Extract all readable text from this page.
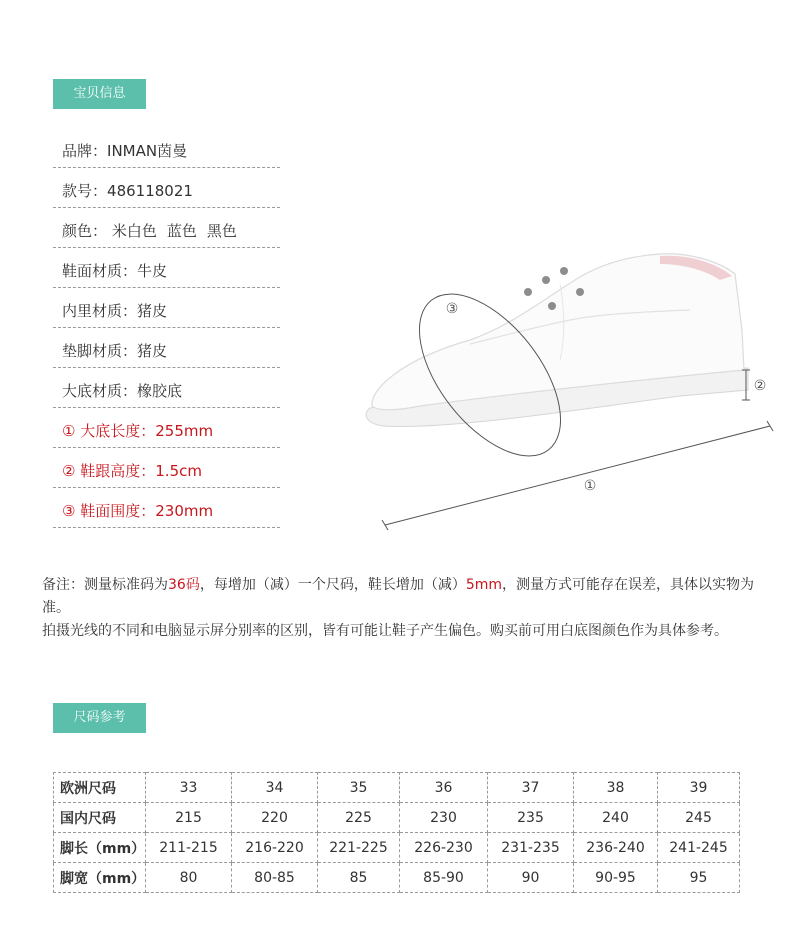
宝贝信息
品牌：INMAN茵曼
款号：486118021
颜色： 米白色 蓝色 黑色
鞋面材质：牛皮
内里材质：猪皮
垫脚材质：猪皮
大底材质：橡胶底
① 大底长度：255mm
② 鞋跟高度：1.5cm
③ 鞋面围度：230mm
③
②
①

备注：测量标准码为36码，每增加（减）一个尺码，鞋长增加（减）5mm，测量方式可能存在误差，具体以实物为准。

拍摄光线的不同和电脑显示屏分别率的区别，皆有可能让鞋子产生偏色。购买前可用白底图颜色作为具体参考。

尺码参考
欧洲尺码	33	34	35	36	37	38	39
国内尺码	215	220	225	230	235	240	245
脚长（mm）	211-215	216-220	221-225	226-230	231-235	236-240	241-245
脚宽（mm）	80	80-85	85	85-90	90	90-95	95
